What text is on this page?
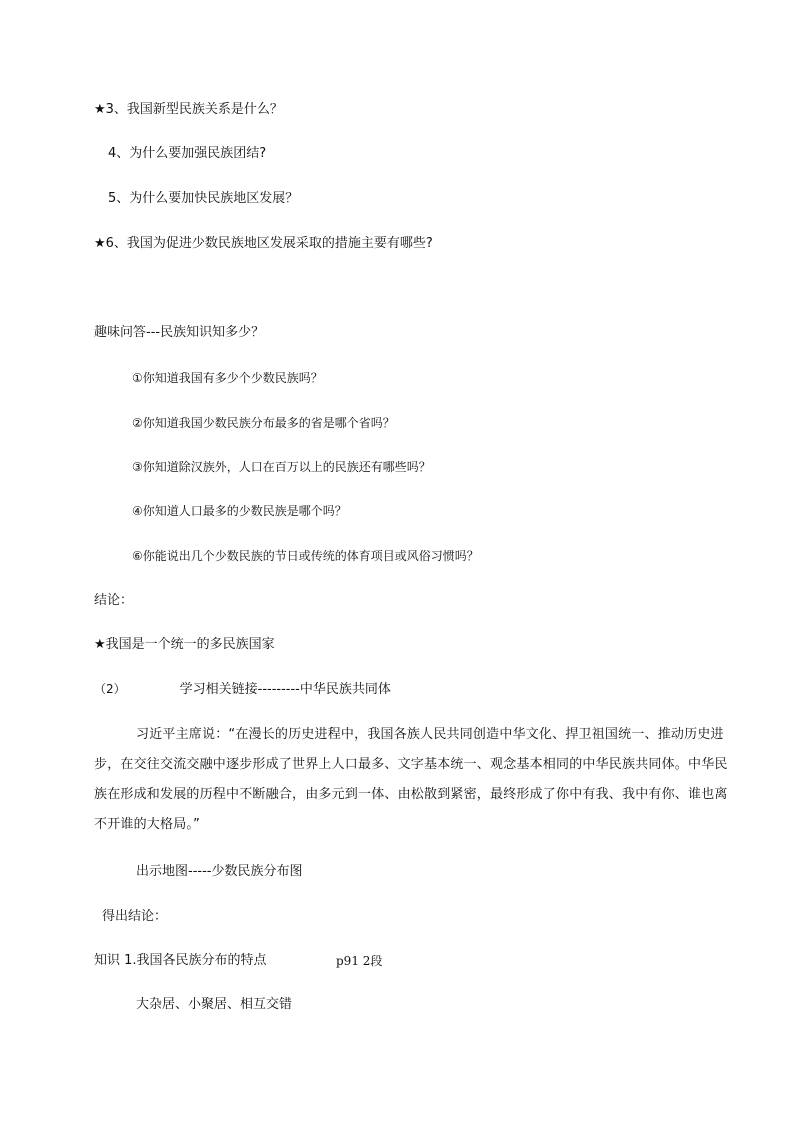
★3、我国新型民族关系是什么？
4、为什么要加强民族团结?
5、为什么要加快民族地区发展？
★6、我国为促进少数民族地区发展采取的措施主要有哪些?
趣味问答---民族知识知多少？
①你知道我国有多少个少数民族吗？
②你知道我国少数民族分布最多的省是哪个省吗？
③你知道除汉族外，人口在百万以上的民族还有哪些吗？
④你知道人口最多的少数民族是哪个吗？
⑥你能说出几个少数民族的节日或传统的体育项目或风俗习惯吗？
结论：
★我国是一个统一的多民族国家
（2）	学习相关链接---------中华民族共同体
习近平主席说：“在漫长的历史进程中，我国各族人民共同创造中华文化、捍卫祖国统一、推动历史进步，在交往交流交融中逐步形成了世界上人口最多、文字基本统一、观念基本相同的中华民族共同体。中华民族在形成和发展的历程中不断融合，由多元到一体、由松散到紧密，最终形成了你中有我、我中有你、谁也离不开谁的大格局。”
出示地图-----少数民族分布图
得出结论：
知识 1.我国各民族分布的特点	p91 2段
大杂居、小聚居、相互交错
